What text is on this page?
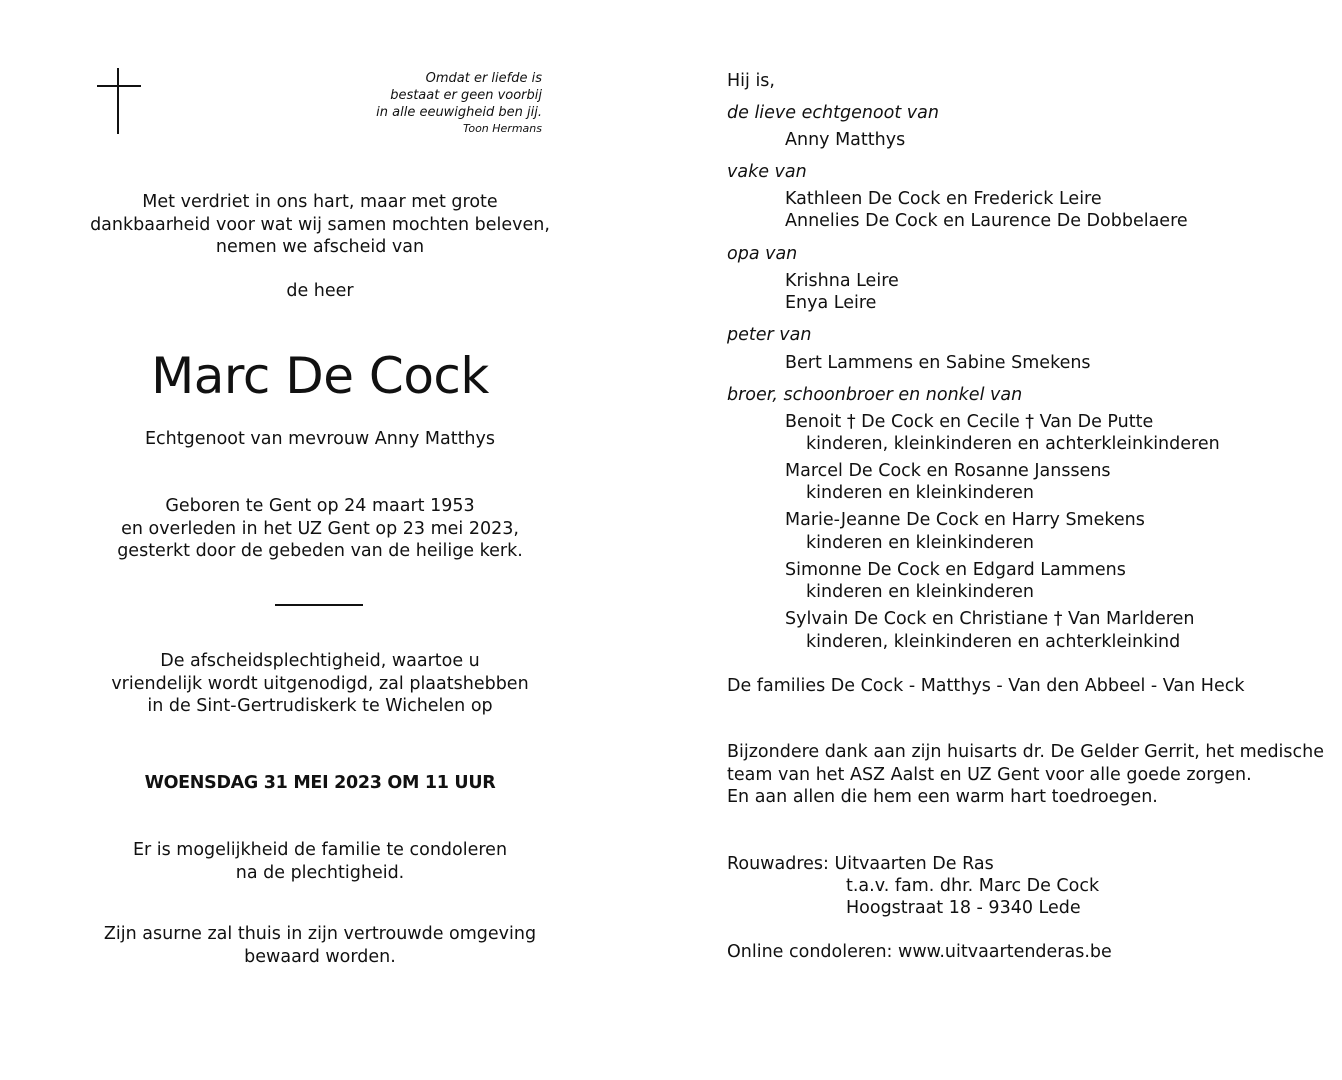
Omdat er liefde is
bestaat er geen voorbij
in alle eeuwigheid ben jij.
Toon Hermans
Met verdriet in ons hart, maar met grote
dankbaarheid voor wat wij samen mochten beleven,
nemen we afscheid van
de heer
Marc De Cock
Echtgenoot van mevrouw Anny Matthys
Geboren te Gent op 24 maart 1953
en overleden in het UZ Gent op 23 mei 2023,
gesterkt door de gebeden van de heilige kerk.
De afscheidsplechtigheid, waartoe u
vriendelijk wordt uitgenodigd, zal plaatshebben
in de Sint-Gertrudiskerk te Wichelen op
WOENSDAG 31 MEI 2023 OM 11 UUR
Er is mogelijkheid de familie te condoleren
na de plechtigheid.
Zijn asurne zal thuis in zijn vertrouwde omgeving
bewaard worden.
Hij is,
de lieve echtgenoot van
Anny Matthys
vake van
Kathleen De Cock en Frederick Leire
Annelies De Cock en Laurence De Dobbelaere
opa van
Krishna Leire
Enya Leire
peter van
Bert Lammens en Sabine Smekens
broer, schoonbroer en nonkel van
Benoit † De Cock en Cecile † Van De Putte
kinderen, kleinkinderen en achterkleinkinderen
Marcel De Cock en Rosanne Janssens
kinderen en kleinkinderen
Marie-Jeanne De Cock en Harry Smekens
kinderen en kleinkinderen
Simonne De Cock en Edgard Lammens
kinderen en kleinkinderen
Sylvain De Cock en Christiane † Van Marlderen
kinderen, kleinkinderen en achterkleinkind
De families De Cock - Matthys - Van den Abbeel - Van Heck
Bijzondere dank aan zijn huisarts dr. De Gelder Gerrit, het medische
team van het ASZ Aalst en UZ Gent voor alle goede zorgen.
En aan allen die hem een warm hart toedroegen.
Rouwadres: Uitvaarten De Ras
t.a.v. fam. dhr. Marc De Cock
Hoogstraat 18 - 9340 Lede
Online condoleren: www.uitvaartenderas.be
